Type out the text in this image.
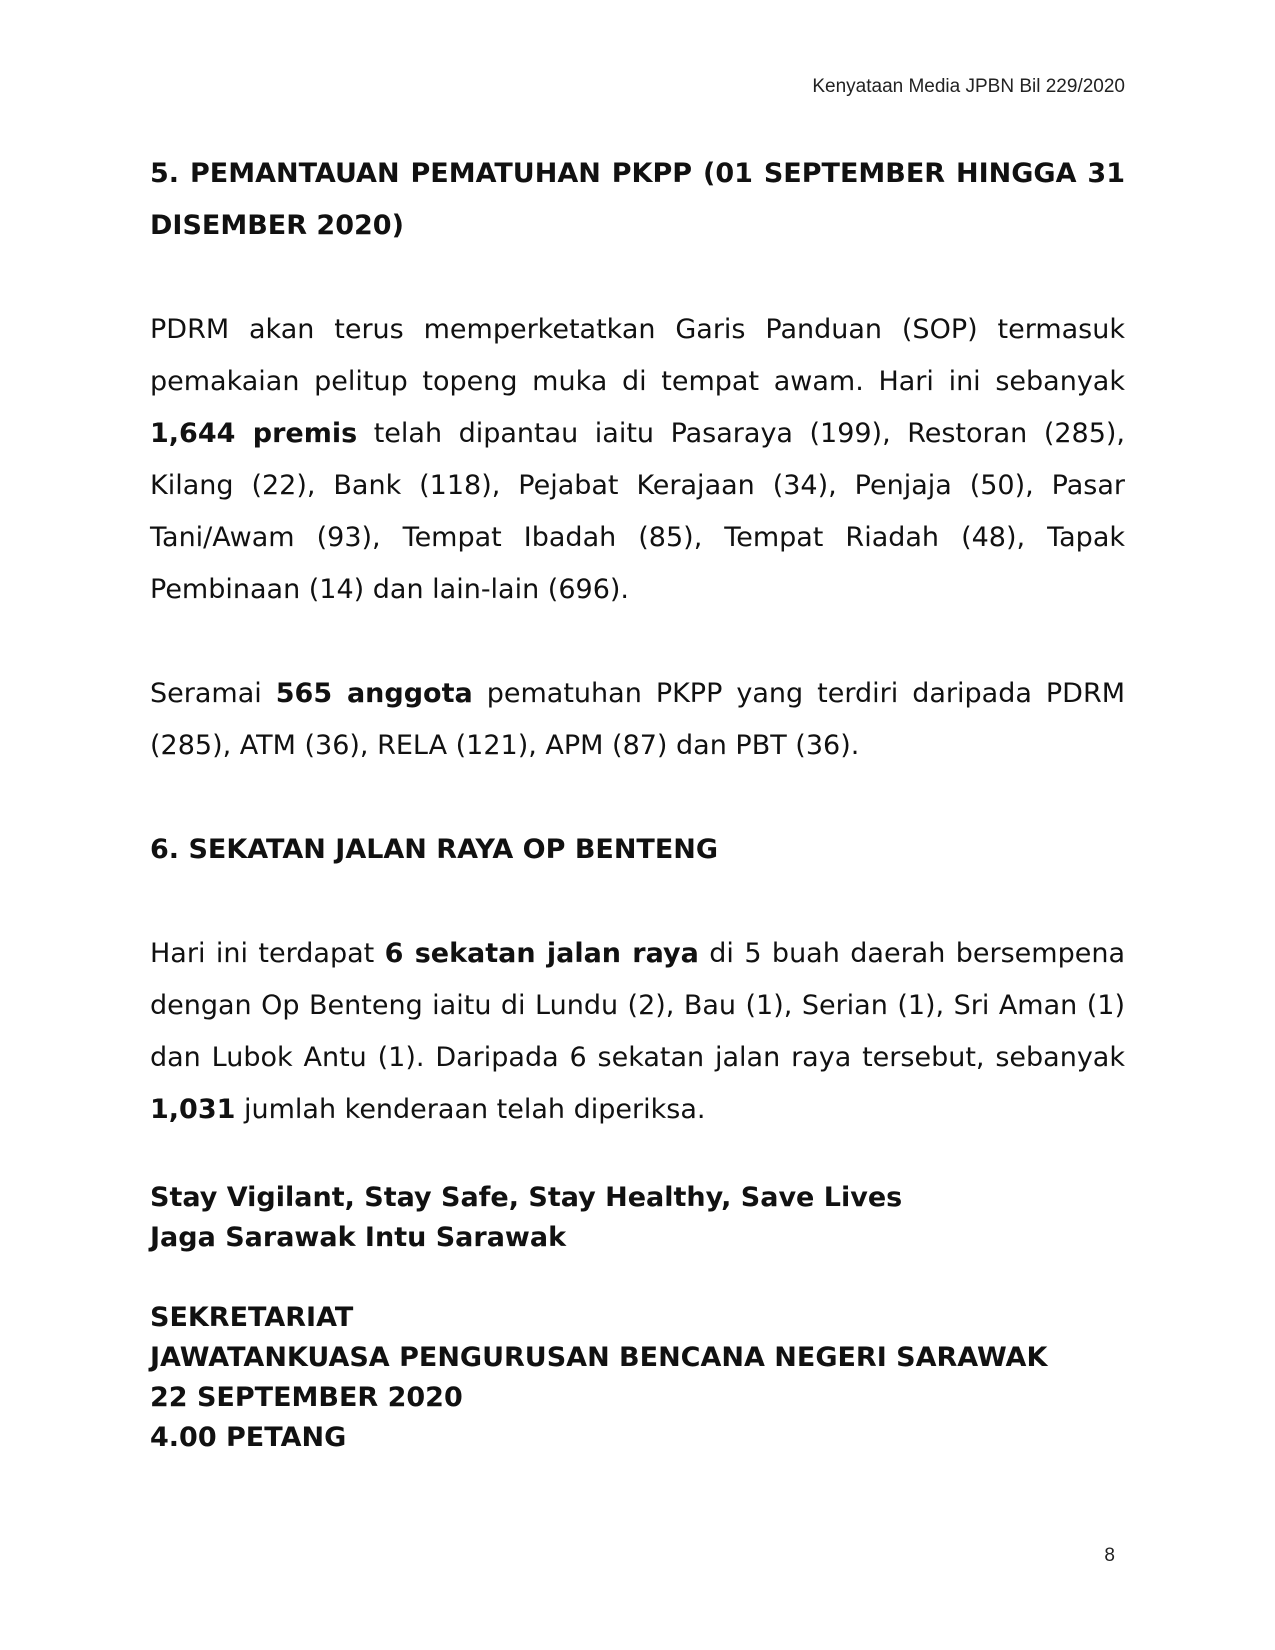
Kenyataan Media JPBN Bil 229/2020
5. PEMANTAUAN PEMATUHAN PKPP (01 SEPTEMBER HINGGA 31 DISEMBER 2020)

PDRM akan terus memperketatkan Garis Panduan (SOP) termasuk pemakaian pelitup topeng muka di tempat awam. Hari ini sebanyak 1,644 premis telah dipantau iaitu Pasaraya (199), Restoran (285), Kilang (22), Bank (118), Pejabat Kerajaan (34), Penjaja (50), Pasar Tani/Awam (93), Tempat Ibadah (85), Tempat Riadah (48), Tapak Pembinaan (14) dan lain-lain (696).

Seramai 565 anggota pematuhan PKPP yang terdiri daripada PDRM (285), ATM (36), RELA (121), APM (87) dan PBT (36).

6. SEKATAN JALAN RAYA OP BENTENG

Hari ini terdapat 6 sekatan jalan raya di 5 buah daerah bersempena dengan Op Benteng iaitu di Lundu (2), Bau (1), Serian (1), Sri Aman (1) dan Lubok Antu (1). Daripada 6 sekatan jalan raya tersebut, sebanyak 1,031 jumlah kenderaan telah diperiksa.

Stay Vigilant, Stay Safe, Stay Healthy, Save Lives
Jaga Sarawak Intu Sarawak

SEKRETARIAT
JAWATANKUASA PENGURUSAN BENCANA NEGERI SARAWAK
22 SEPTEMBER 2020
4.00 PETANG

8
